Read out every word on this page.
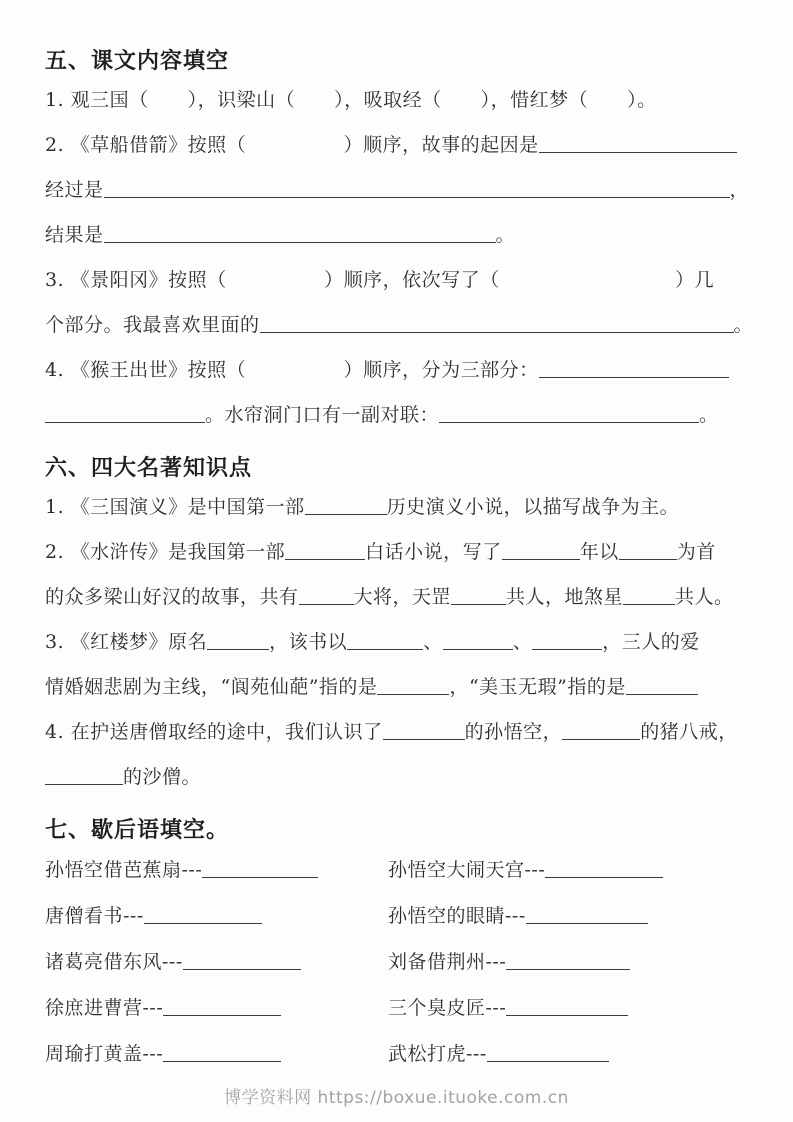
五、课文内容填空
1. 观三国（　　），识梁山（　　），吸取经（　　），惜红梦（　　）。
2. 《草船借箭》按照（　　　　　）顺序，故事的起因是
经过是	，
结果是	。
3. 《景阳冈》按照（　　　　　）顺序，依次写了（　　　　　　　　　）几
个部分。我最喜欢里面的	。
4. 《猴王出世》按照（　　　　　）顺序，分为三部分：
。水帘洞门口有一副对联：	。
六、四大名著知识点
1. 《三国演义》是中国第一部	历史演义小说，以描写战争为主。
2. 《水浒传》是我国第一部	白话小说，写了	年以	为首
的众多梁山好汉的故事，共有	大将，天罡	共人，地煞星	共人。
3. 《红楼梦》原名	，该书以	、	、	，三人的爱
情婚姻悲剧为主线，“阆苑仙葩”指的是	，“美玉无瑕”指的是
4. 在护送唐僧取经的途中，我们认识了	的孙悟空，	的猪八戒，
的沙僧。
七、歇后语填空。
孙悟空借芭蕉扇---	孙悟空大闹天宫---
唐僧看书---	孙悟空的眼睛---
诸葛亮借东风---	刘备借荆州---
徐庶进曹营---	三个臭皮匠---
周瑜打黄盖---	武松打虎---
博学资料网 https://boxue.ituoke.com.cn
